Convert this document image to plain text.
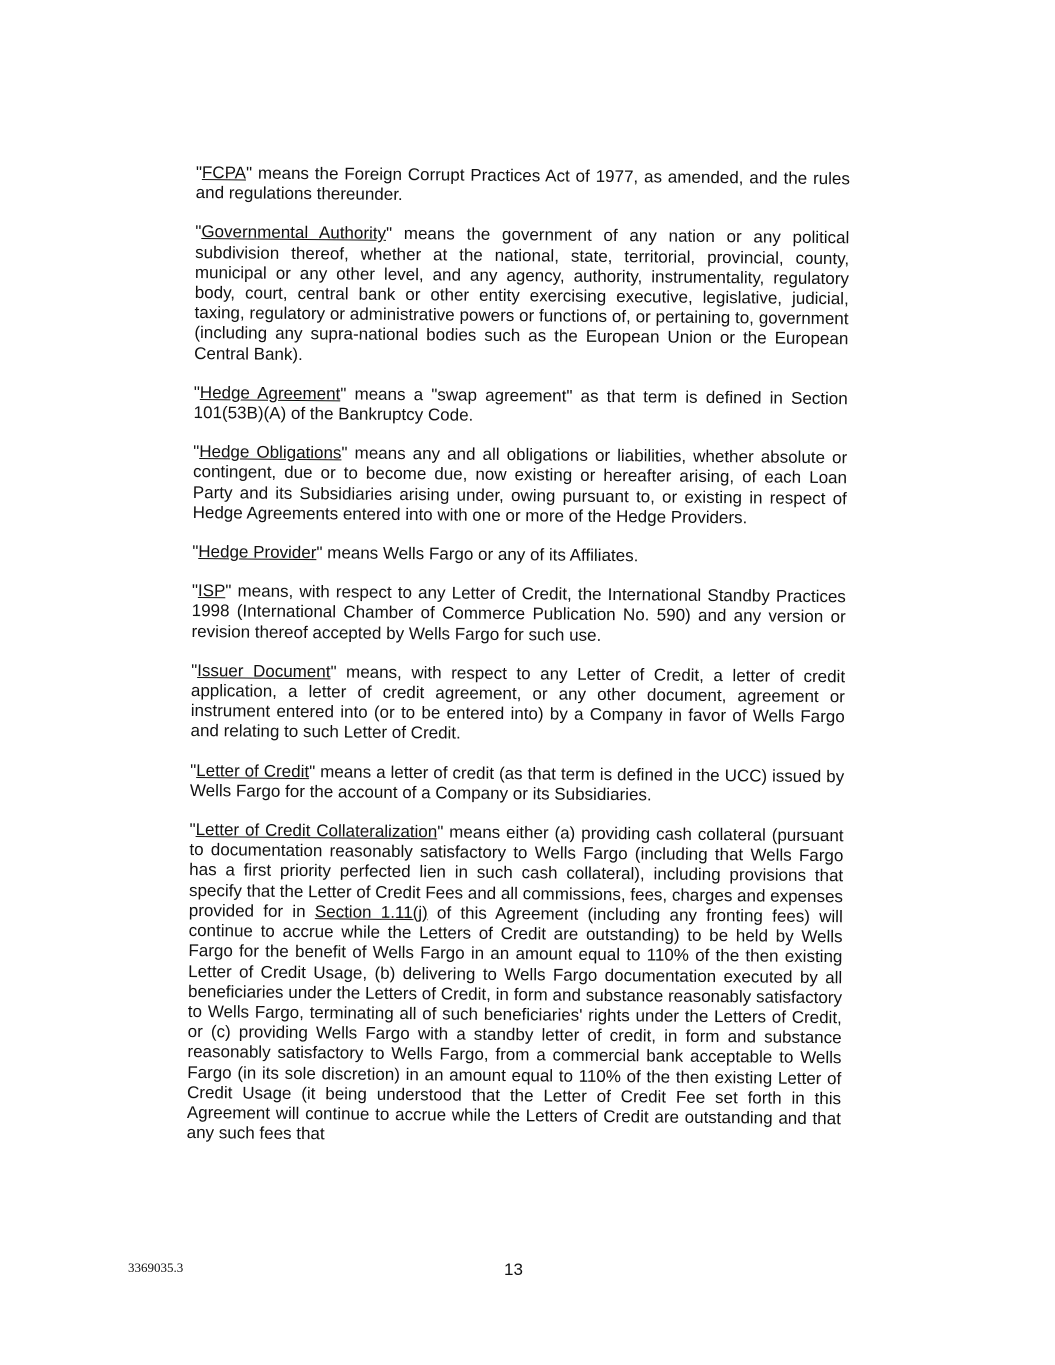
"FCPA" means the Foreign Corrupt Practices Act of 1977, as amended, and the rules and regulations thereunder.

"Governmental Authority" means the government of any nation or any political subdivision thereof, whether at the national, state, territorial, provincial, county, municipal or any other level, and any agency, authority, instrumentality, regulatory body, court, central bank or other entity exercising executive, legislative, judicial, taxing, regulatory or administrative powers or functions of, or pertaining to, government (including any supra-national bodies such as the European Union or the European Central Bank).

"Hedge Agreement" means a "swap agreement" as that term is defined in Section 101(53B)(A) of the Bankruptcy Code.

"Hedge Obligations" means any and all obligations or liabilities, whether absolute or contingent, due or to become due, now existing or hereafter arising, of each Loan Party and its Subsidiaries arising under, owing pursuant to, or existing in respect of Hedge Agreements entered into with one or more of the Hedge Providers.

"Hedge Provider" means Wells Fargo or any of its Affiliates.

"ISP" means, with respect to any Letter of Credit, the International Standby Practices 1998 (International Chamber of Commerce Publication No. 590) and any version or revision thereof accepted by Wells Fargo for such use.

"Issuer Document" means, with respect to any Letter of Credit, a letter of credit application, a letter of credit agreement, or any other document, agreement or instrument entered into (or to be entered into) by a Company in favor of Wells Fargo and relating to such Letter of Credit.

"Letter of Credit" means a letter of credit (as that term is defined in the UCC) issued by Wells Fargo for the account of a Company or its Subsidiaries.

"Letter of Credit Collateralization" means either (a) providing cash collateral (pursuant to documentation reasonably satisfactory to Wells Fargo (including that Wells Fargo has a first priority perfected lien in such cash collateral), including provisions that specify that the Letter of Credit Fees and all commissions, fees, charges and expenses provided for in Section 1.11(j) of this Agreement (including any fronting fees) will continue to accrue while the Letters of Credit are outstanding) to be held by Wells Fargo for the benefit of Wells Fargo in an amount equal to 110% of the then existing Letter of Credit Usage, (b) delivering to Wells Fargo documentation executed by all beneficiaries under the Letters of Credit, in form and substance reasonably satisfactory to Wells Fargo, terminating all of such beneficiaries' rights under the Letters of Credit, or (c) providing Wells Fargo with a standby letter of credit, in form and substance reasonably satisfactory to Wells Fargo, from a commercial bank acceptable to Wells Fargo (in its sole discretion) in an amount equal to 110% of the then existing Letter of Credit Usage (it being understood that the Letter of Credit Fee set forth in this Agreement will continue to accrue while the Letters of Credit are outstanding and that any such fees that

3369035.3	13
